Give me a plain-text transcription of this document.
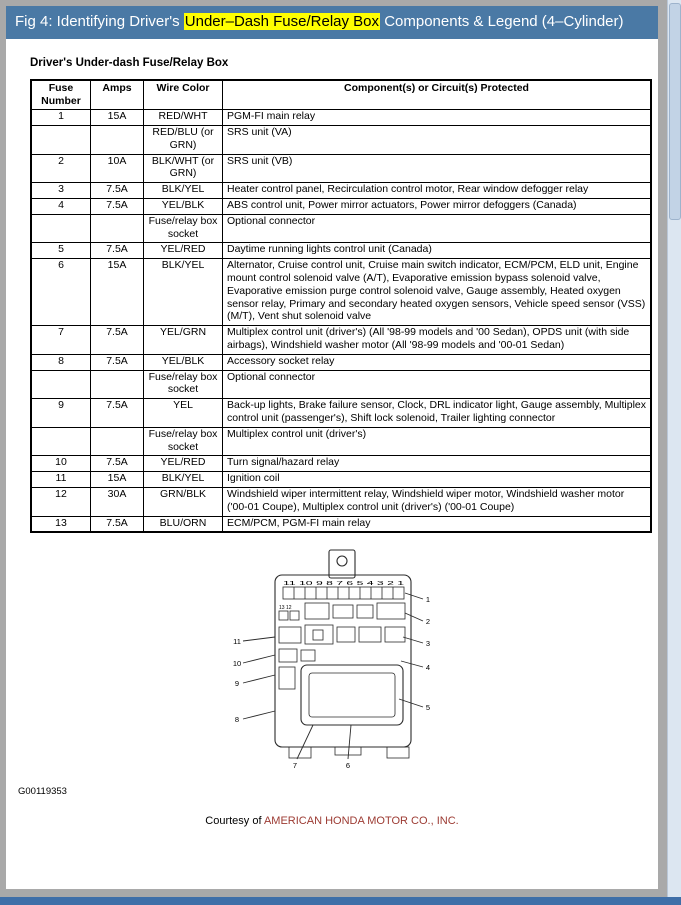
Fig 4: Identifying Driver's Under–Dash Fuse/Relay Box Components & Legend (4–Cylinder)
Driver's Under-dash Fuse/Relay Box
Fuse Number	Amps	Wire Color	Component(s) or Circuit(s) Protected
1	15A	RED/WHT	PGM-FI main relay
		RED/BLU (or GRN)	SRS unit (VA)
2	10A	BLK/WHT (or GRN)	SRS unit (VB)
3	7.5A	BLK/YEL	Heater control panel, Recirculation control motor, Rear window defogger relay
4	7.5A	YEL/BLK	ABS control unit, Power mirror actuators, Power mirror defoggers (Canada)
		Fuse/relay box socket	Optional connector
5	7.5A	YEL/RED	Daytime running lights control unit (Canada)
6	15A	BLK/YEL	Alternator, Cruise control unit, Cruise main switch indicator, ECM/PCM, ELD unit, Engine mount control solenoid valve (A/T), Evaporative emission bypass solenoid valve, Evaporative emission purge control solenoid valve, Gauge assembly, Heated oxygen sensor relay, Primary and secondary heated oxygen sensors, Vehicle speed sensor (VSS) (M/T), Vent shut solenoid valve
7	7.5A	YEL/GRN	Multiplex control unit (driver's) (All '98-99 models and '00 Sedan), OPDS unit (with side airbags), Windshield washer motor (All '98-99 models and '00-01 Sedan)
8	7.5A	YEL/BLK	Accessory socket relay
		Fuse/relay box socket	Optional connector
9	7.5A	YEL	Back-up lights, Brake failure sensor, Clock, DRL indicator light, Gauge assembly, Multiplex control unit (passenger's), Shift lock solenoid, Trailer lighting connector
		Fuse/relay box socket	Multiplex control unit (driver's)
10	7.5A	YEL/RED	Turn signal/hazard relay
11	15A	BLK/YEL	Ignition coil
12	30A	GRN/BLK	Windshield wiper intermittent relay, Windshield wiper motor, Windshield washer motor ('00-01 Coupe), Multiplex control unit (driver's) ('00-01 Coupe)
13	7.5A	BLU/ORN	ECM/PCM, PGM-FI main relay
11 10 9 8 7 6 5 4 3 2 1
13 12
1
2
3
4
5
6
7
8
9
10
11
G00119353
Courtesy of AMERICAN HONDA MOTOR CO., INC.
